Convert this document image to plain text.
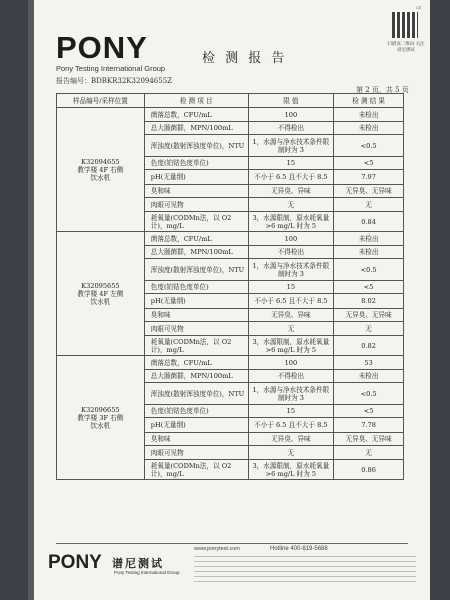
CE
PONY
Pony Testing International Group
检 测 报 告
扫描查二维码 关注谱尼测试
报告编号：BDBKR32K32094655Z
第 2 页，共 5 页
样品编号/采样位置	检 测 项 目	限 值	检 测 结 果

K32094655
教学楼 4F 右侧
饮水机	菌落总数，CFU/mL	100	未检出
	总大肠菌群，MPN/100mL	不得检出	未检出
	浑浊度(散射浑浊度单位)，NTU	1，水源与净水技术条件限制时为 3	<0.5
	色度(铂钴色度单位)	15	<5
	pH(无量纲)	不小于 6.5 且不大于 8.5	7.97
	臭和味	无异臭、异味	无异臭、无异味
	肉眼可见物	无	无
	耗氧量(CODMn法，以 O2计)，mg/L	3，水源限制，原水耗氧量>6 mg/L 时为 5	0.84

K32095655
教学楼 4F 左侧
饮水机	菌落总数，CFU/mL	100	未检出
	总大肠菌群，MPN/100mL	不得检出	未检出
	浑浊度(散射浑浊度单位)，NTU	1，水源与净水技术条件限制时为 3	<0.5
	色度(铂钴色度单位)	15	<5
	pH(无量纲)	不小于 6.5 且不大于 8.5	8.02
	臭和味	无异臭、异味	无异臭、无异味
	肉眼可见物	无	无
	耗氧量(CODMn法，以 O2计)，mg/L	3，水源限制，原水耗氧量>6 mg/L 时为 5	0.82

K32096655
教学楼 3F 右侧
饮水机	菌落总数，CFU/mL	100	53
	总大肠菌群，MPN/100mL	不得检出	未检出
	浑浊度(散射浑浊度单位)，NTU	1，水源与净水技术条件限制时为 3	<0.5
	色度(铂钴色度单位)	15	<5
	pH(无量纲)	不小于 6.5 且不大于 8.5	7.78
	臭和味	无异臭、异味	无异臭、无异味
	肉眼可见物	无	无
	耗氧量(CODMn法，以 O2计)，mg/L	3，水源限制，原水耗氧量>6 mg/L 时为 5	0.86
PONY 谱尼测试
Pony Testing International Group
www.ponytest.com	Hotline 400-819-5688
